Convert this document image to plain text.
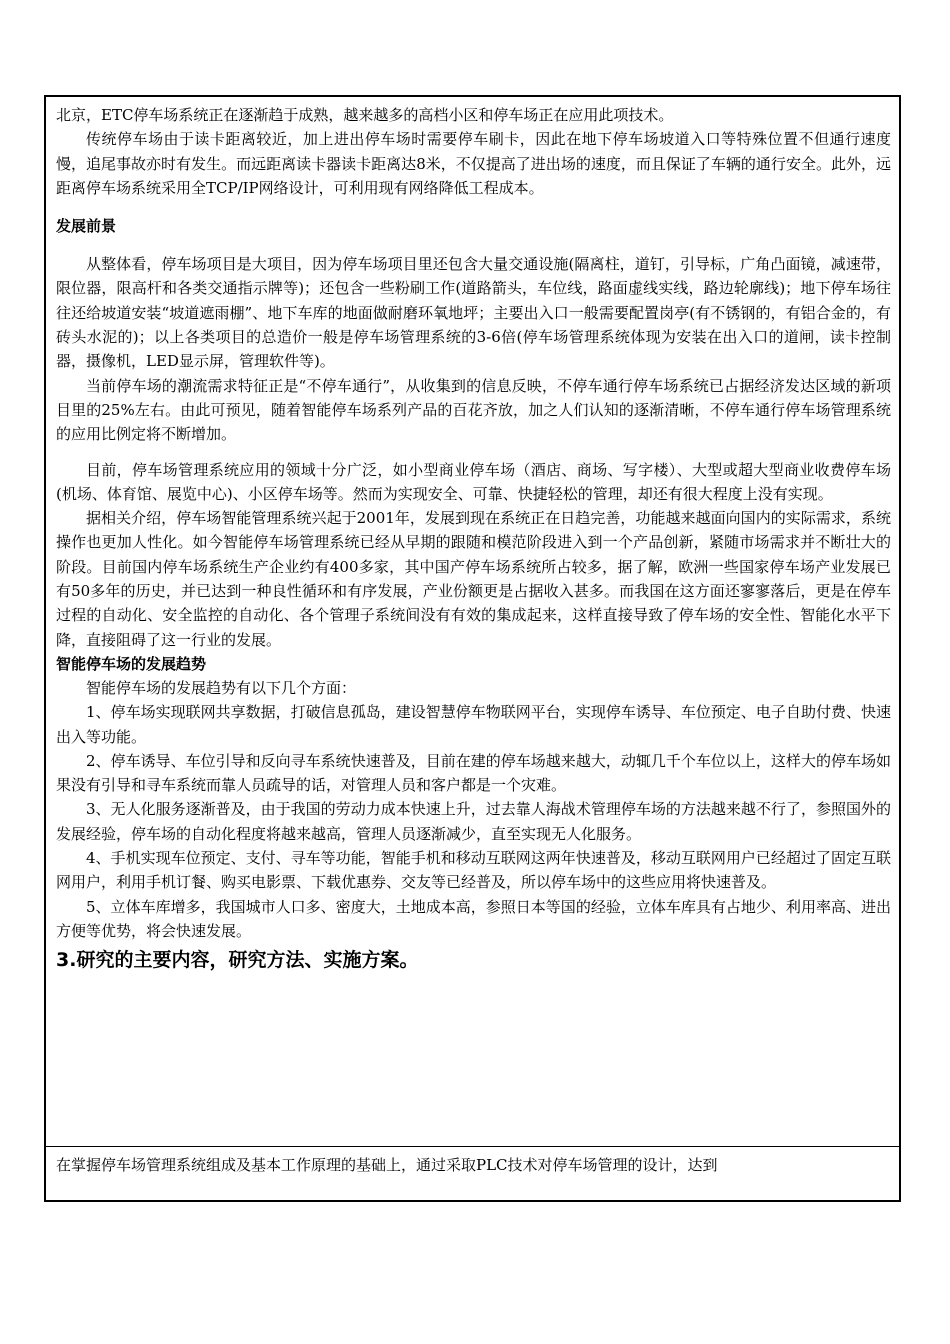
北京，ETC停车场系统正在逐渐趋于成熟，越来越多的高档小区和停车场正在应用此项技术。

传统停车场由于读卡距离较近，加上进出停车场时需要停车刷卡，因此在地下停车场坡道入口等特殊位置不但通行速度慢，追尾事故亦时有发生。而远距离读卡器读卡距离达8米，不仅提高了进出场的速度，而且保证了车辆的通行安全。此外，远距离停车场系统采用全TCP/IP网络设计，可利用现有网络降低工程成本。

发展前景

从整体看，停车场项目是大项目，因为停车场项目里还包含大量交通设施(隔离柱，道钉，引导标，广角凸面镜，减速带，限位器，限高杆和各类交通指示牌等)；还包含一些粉刷工作(道路箭头，车位线，路面虚线实线，路边轮廓线)；地下停车场往往还给坡道安装“坡道遮雨棚”、地下车库的地面做耐磨环氧地坪；主要出入口一般需要配置岗亭(有不锈钢的，有铝合金的，有砖头水泥的)；以上各类项目的总造价一般是停车场管理系统的3-6倍(停车场管理系统体现为安装在出入口的道闸，读卡控制器，摄像机，LED显示屏，管理软件等)。

当前停车场的潮流需求特征正是“不停车通行”，从收集到的信息反映，不停车通行停车场系统已占据经济发达区域的新项目里的25%左右。由此可预见，随着智能停车场系列产品的百花齐放，加之人们认知的逐渐清晰，不停车通行停车场管理系统的应用比例定将不断增加。

目前，停车场管理系统应用的领域十分广泛，如小型商业停车场（酒店、商场、写字楼）、大型或超大型商业收费停车场(机场、体育馆、展览中心)、小区停车场等。然而为实现安全、可靠、快捷轻松的管理，却还有很大程度上没有实现。

据相关介绍，停车场智能管理系统兴起于2001年，发展到现在系统正在日趋完善，功能越来越面向国内的实际需求，系统操作也更加人性化。如今智能停车场管理系统已经从早期的跟随和模范阶段进入到一个产品创新，紧随市场需求并不断壮大的阶段。目前国内停车场系统生产企业约有400多家，其中国产停车场系统所占较多，据了解，欧洲一些国家停车场产业发展已有50多年的历史，并已达到一种良性循环和有序发展，产业份额更是占据收入甚多。而我国在这方面还寥寥落后，更是在停车过程的自动化、安全监控的自动化、各个管理子系统间没有有效的集成起来，这样直接导致了停车场的安全性、智能化水平下降，直接阻碍了这一行业的发展。

智能停车场的发展趋势

智能停车场的发展趋势有以下几个方面：

1、停车场实现联网共享数据，打破信息孤岛，建设智慧停车物联网平台，实现停车诱导、车位预定、电子自助付费、快速出入等功能。

2、停车诱导、车位引导和反向寻车系统快速普及，目前在建的停车场越来越大，动辄几千个车位以上，这样大的停车场如果没有引导和寻车系统而靠人员疏导的话，对管理人员和客户都是一个灾难。

3、无人化服务逐渐普及，由于我国的劳动力成本快速上升，过去靠人海战术管理停车场的方法越来越不行了，参照国外的发展经验，停车场的自动化程度将越来越高，管理人员逐渐减少，直至实现无人化服务。

4、手机实现车位预定、支付、寻车等功能，智能手机和移动互联网这两年快速普及，移动互联网用户已经超过了固定互联网用户，利用手机订餐、购买电影票、下载优惠券、交友等已经普及，所以停车场中的这些应用将快速普及。

5、立体车库增多，我国城市人口多、密度大，土地成本高，参照日本等国的经验，立体车库具有占地少、利用率高、进出方便等优势，将会快速发展。

3.研究的主要内容，研究方法、实施方案。

在掌握停车场管理系统组成及基本工作原理的基础上，通过采取PLC技术对停车场管理的设计，达到
